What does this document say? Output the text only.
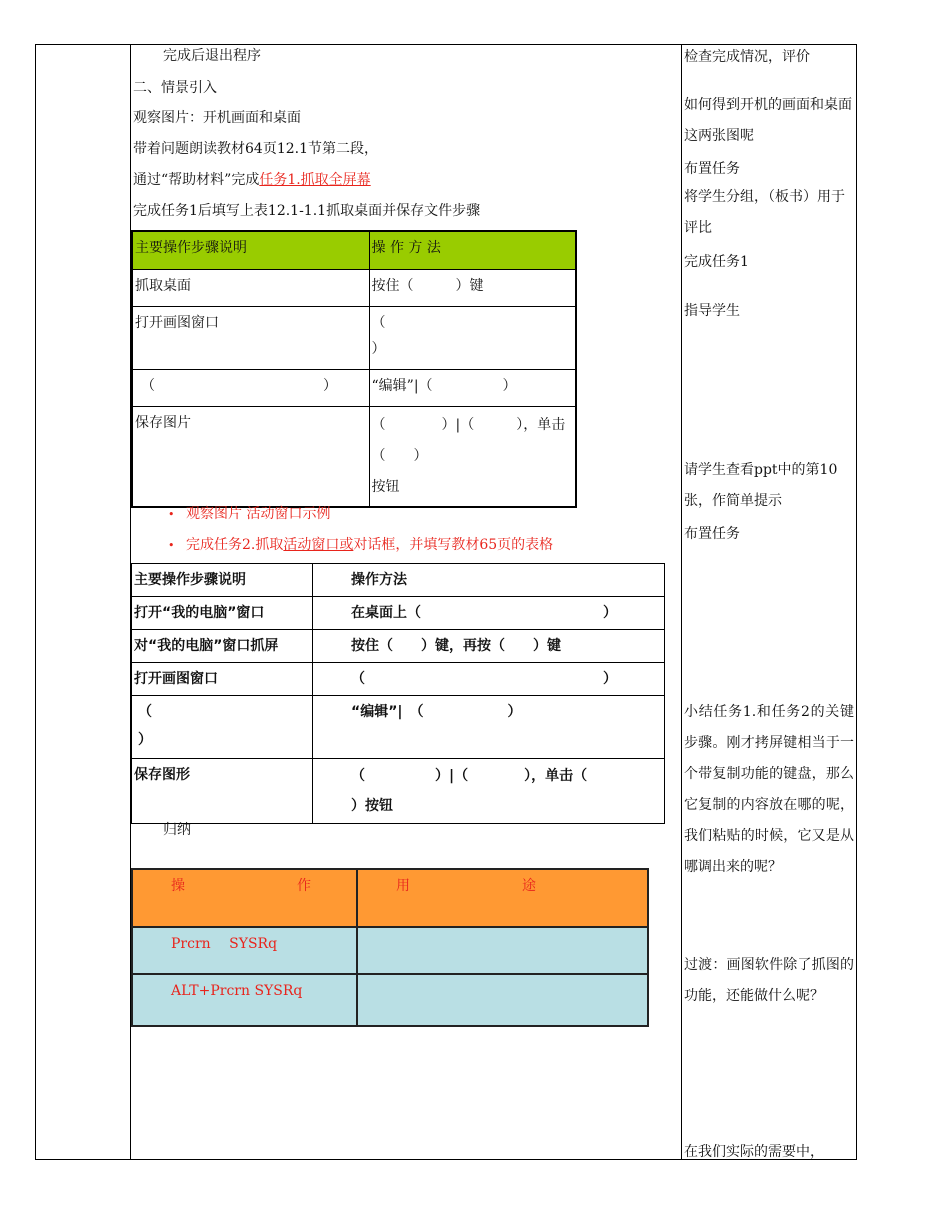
完成后退出程序
二、情景引入
观察图片：开机画面和桌面
带着问题朗读教材64页12.1节第二段，
通过“帮助材料”完成任务1.抓取全屏幕
完成任务1后填写上表12.1-1.1抓取桌面并保存文件步骤
主要操作步骤说明	操 作 方 法
抓取桌面	按住（　　　）键
打开画图窗口	（
）
（　　　　　　　　　　　　）	“编辑”|（　　　　　）
保存图片	（　　　　）|（　　　），单击
（　　）
按钮
• 观察图片 活动窗口示例
• 完成任务2.抓取活动窗口或对话框，并填写教材65页的表格
主要操作步骤说明	操作方法
打开“我的电脑”窗口	在桌面上（　　　　　　　　　　　　　）
对“我的电脑”窗口抓屏	按住（　　）键，再按（　　）键
打开画图窗口	（　　　　　　　　　　　　　　　　　）
（
）	“编辑”|　（　　　　　　）
保存图形	（　　　　　）|（　　　　），单击（
）按钮
归纳
操　　　　　　　　作	用　　　　　　　　途
Prcrn　 SYSRq	
ALT+Prcrn SYSRq	
检查完成情况，评价
如何得到开机的画面和桌面这两张图呢
布置任务
将学生分组，（板书）用于评比
完成任务1
指导学生
请学生查看ppt中的第10张，作简单提示
布置任务
小结任务1.和任务2的关键步骤。刚才拷屏键相当于一个带复制功能的键盘，那么它复制的内容放在哪的呢，我们粘贴的时候，它又是从哪调出来的呢？
过渡：画图软件除了抓图的功能，还能做什么呢？
在我们实际的需要中，
